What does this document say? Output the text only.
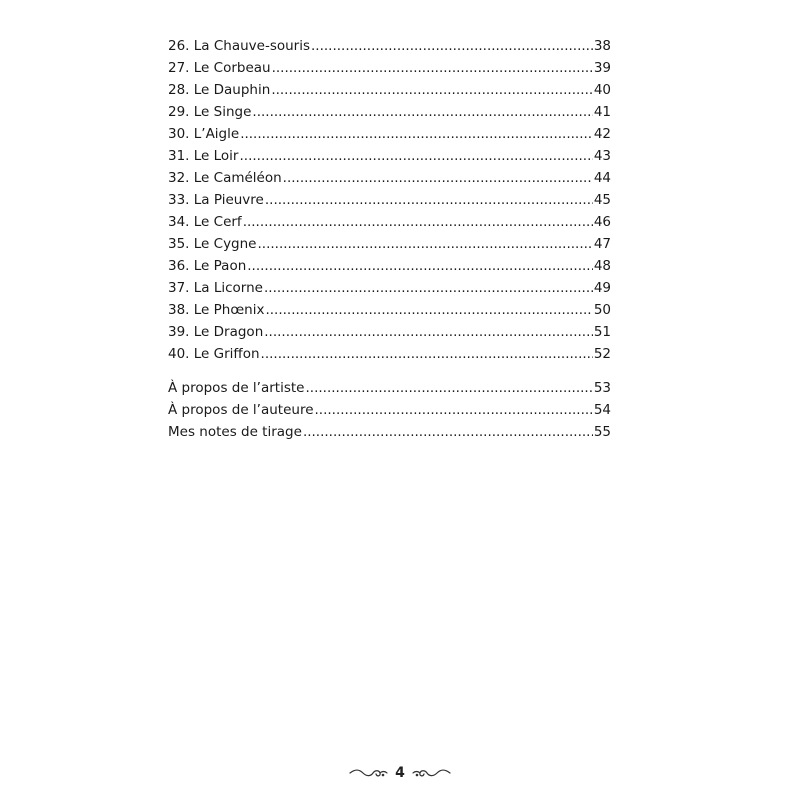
26. La Chauve-souris .....	38
27. Le Corbeau .....	39
28. Le Dauphin .....	40
29. Le Singe .....	41
30. L’Aigle .....	42
31. Le Loir .....	43
32. Le Caméléon .....	44
33. La Pieuvre .....	45
34. Le Cerf .....	46
35. Le Cygne .....	47
36. Le Paon .....	48
37. La Licorne .....	49
38. Le Phœnix .....	50
39. Le Dragon .....	51
40. Le Griffon .....	52
À propos de l’artiste .....	53
À propos de l’auteure .....	54
Mes notes de tirage .....	55
4
